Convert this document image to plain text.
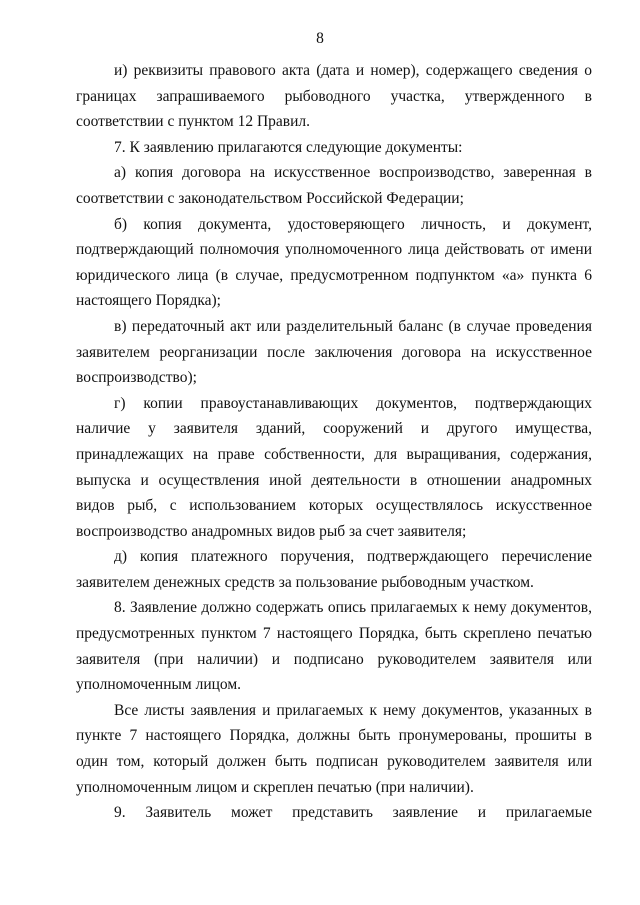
8

и) реквизиты правового акта (дата и номер), содержащего сведения о границах запрашиваемого рыбоводного участка, утвержденного в соответствии с пунктом 12 Правил.

7. К заявлению прилагаются следующие документы:

а) копия договора на искусственное воспроизводство, заверенная в соответствии с законодательством Российской Федерации;

б) копия документа, удостоверяющего личность, и документ, подтверждающий полномочия уполномоченного лица действовать от имени юридического лица (в случае, предусмотренном подпунктом «а» пункта 6 настоящего Порядка);

в) передаточный акт или разделительный баланс (в случае проведения заявителем реорганизации после заключения договора на искусственное воспроизводство);

г) копии правоустанавливающих документов, подтверждающих наличие у заявителя зданий, сооружений и другого имущества, принадлежащих на праве собственности, для выращивания, содержания, выпуска и осуществления иной деятельности в отношении анадромных видов рыб, с использованием которых осуществлялось искусственное воспроизводство анадромных видов рыб за счет заявителя;

д) копия платежного поручения, подтверждающего перечисление заявителем денежных средств за пользование рыбоводным участком.

8. Заявление должно содержать опись прилагаемых к нему документов, предусмотренных пунктом 7 настоящего Порядка, быть скреплено печатью заявителя (при наличии) и подписано руководителем заявителя или уполномоченным лицом.

Все листы заявления и прилагаемых к нему документов, указанных в пункте 7 настоящего Порядка, должны быть пронумерованы, прошиты в один том, который должен быть подписан руководителем заявителя или уполномоченным лицом и скреплен печатью (при наличии).

9. Заявитель может представить заявление и прилагаемые
